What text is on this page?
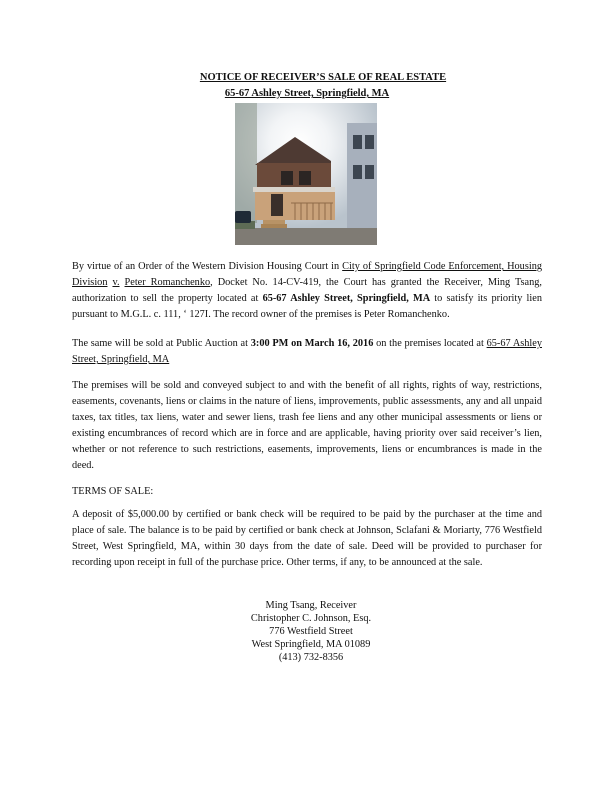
NOTICE OF RECEIVER’S SALE OF REAL ESTATE
65-67 Ashley Street, Springfield, MA

By virtue of an Order of the Western Division Housing Court in City of Springfield Code Enforcement, Housing Division v. Peter Romanchenko, Docket No. 14-CV-419, the Court has granted the Receiver, Ming Tsang, authorization to sell the property located at 65-67 Ashley Street, Springfield, MA to satisfy its priority lien pursuant to M.G.L. c. 111, ‘ 127I. The record owner of the premises is Peter Romanchenko.

The same will be sold at Public Auction at 3:00 PM on March 16, 2016 on the premises located at 65-67 Ashley Street, Springfield, MA

The premises will be sold and conveyed subject to and with the benefit of all rights, rights of way, restrictions, easements, covenants, liens or claims in the nature of liens, improvements, public assessments, any and all unpaid taxes, tax titles, tax liens, water and sewer liens, trash fee liens and any other municipal assessments or liens or existing encumbrances of record which are in force and are applicable, having priority over said receiver’s lien, whether or not reference to such restrictions, easements, improvements, liens or encumbrances is made in the deed.

TERMS OF SALE:

A deposit of $5,000.00 by certified or bank check will be required to be paid by the purchaser at the time and place of sale. The balance is to be paid by certified or bank check at Johnson, Sclafani & Moriarty, 776 Westfield Street, West Springfield, MA, within 30 days from the date of sale. Deed will be provided to purchaser for recording upon receipt in full of the purchase price. Other terms, if any, to be announced at the sale.

Ming Tsang, Receiver
Christopher C. Johnson, Esq.
776 Westfield Street
West Springfield, MA 01089
(413) 732-8356
